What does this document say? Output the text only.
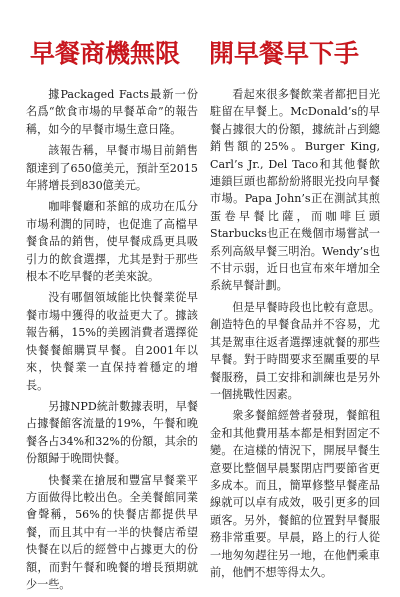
早餐商機無限 開早餐早下手

據Packaged Facts最新一份名爲“飲食市場的早餐革命”的報告稱，如今的早餐市場生意日隆。

該報告稱，早餐市場目前銷售額達到了650億美元，預計至2015年將增長到830億美元。

咖啡餐廳和茶館的成功在瓜分市場利潤的同時，也促進了高檔早餐食品的銷售，使早餐成爲更具吸引力的飲食選擇，尤其是對于那些根本不吃早餐的老美來說。

没有哪個領域能比快餐業從早餐市場中獲得的收益更大了。據該報告稱，15%的美國消費者選擇從快餐餐館購買早餐。自2001年以來，快餐業一直保持着穩定的增長。

另據NPD統計數據表明，早餐占據餐館客流量的19%，午餐和晚餐各占34%和32%的份額，其余的份額歸于晚間快餐。

快餐業在搶展和豐富早餐業平方面做得比較出色。全美餐館同業會聲稱，56%的快餐店都提供早餐，而且其中有一半的快餐店希望快餐在以后的經營中占據更大的份額，而對午餐和晚餐的增長預期就少一些。

看起來很多餐飲業者都把目光駐留在早餐上。McDonald’s的早餐占據很大的份額，據統計占到總銷售額的25%。Burger King, Carl’s Jr., Del Taco和其他餐飲連鎖巨頭也都紛紛將眼光投向早餐市場。Papa John’s正在測試其煎蛋卷早餐比薩，而咖啡巨頭Starbucks也正在幾個市場嘗試一系列高級早餐三明治。Wendy’s也不甘示弱，近日也宣布來年增加全系統早餐計劃。

但是早餐時段也比較有意思。創造特色的早餐食品并不容易，尤其是駕車往返者選擇速就餐的那些早餐。對于時間要求至關重要的早餐服務，員工安排和訓練也是另外一個挑戰性因素。

衆多餐館經營者發現，餐館租金和其他費用基本都是相對固定不變。在這樣的情況下，開展早餐生意要比整個早晨緊閉店門要節省更多成本。而且，簡單修整早餐產品線就可以卓有成效，吸引更多的回頭客。另外，餐館的位置對早餐服務非常重要。早晨，路上的行人從一地匆匆趕往另一地，在他們乘車前，他們不想等得太久。
